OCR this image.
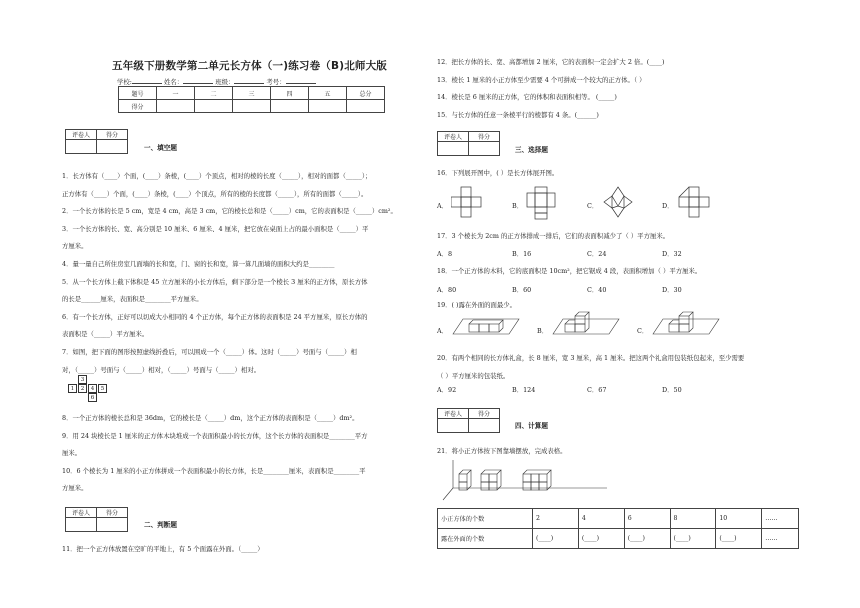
五年级下册数学第二单元长方体（一)练习卷（B)北师大版
学校:	姓名：	班级：	考号：
题号	一	二	三	四	五	总分
得分						
评卷人	得分

一、填空题
1．长方体有（____）个面，(____）条棱，(____）个顶点，相对的棱的长度（_____），相对的面都（_____）；
正方体有（____）个面，(____）条棱，(____）个顶点，所有的棱的长度都（_____），所有的面都（_____）。
2．一个长方体的长是 5 cm，宽是 4 cm，高是 3 cm，它的棱长总和是（_____）cm，它的表面积是（_____）cm²。
3．一个长方体的长、宽、高分别是 10 厘米、6 厘米、4 厘米，把它放在桌面上占的最小面积是（_____）平
方厘米。
4．量一量自己所住房室几面墙的长和宽，门、窗的长和宽，算一算几面墙的面积大约是________
5．从一个长方体上截下体积是 45 立方厘米的小长方体后，剩下部分是一个棱长 3 厘米的正方体，原长方体
的长是______厘米，表面积是________平方厘米。
6．有一个长方体，正好可以切成大小相同的 4 个正方体，每个正方体的表面积是 24 平方厘米，原长方体的
表面积是（_____）平方厘米。
7．如图，把下面的图形按照虚线折叠后，可以围成一个（_____）体。这时（_____）号面与（_____）相
对，（_____）号面与（_____）相对，（_____）号面与（_____）相对。
3
1	2	4	5
6
8．一个正方体的棱长总和是 36dm，它的棱长是（_____）dm，这个正方体的表面积是（_____）dm²。
9．用 24 块棱长是 1 厘米的正方体木块堆成一个表面积最小的长方体，这个长方体的表面积是________平方
厘米。
10．6 个棱长为 1 厘米的小正方体拼成一个表面积最小的长方体，长是________厘米，表面积是________平
方厘米。
评卷人	得分

二、判断题
11．把一个正方体放置在空旷的平地上，有 5 个面露在外面。（_____）
12．把长方体的长、宽、高都增加 2 厘米，它的表面积一定会扩大 2 倍。(____)
13．棱长 1 厘米的小正方体至少需要 4 个可拼成一个较大的正方体。（ ）
14．棱长是 6 厘米的正方体，它的体积和表面积相等。 (_____)
15．与长方体的任意一条棱平行的棱都有 4 条。(______)
评卷人	得分

三、选择题
16．下列展开图中，( ）是长方体展开图。
A．	B．	C．	D．
17．3 个棱长为 2cm 的正方体排成一排后，它们的表面积减少了（ ）平方厘米。
A．8	B．16	C．24	D．32
18．一个正方体的木料，它的底面积是 10cm²，把它锯成 4 段，表面积增加（ ）平方厘米。
A．80	B．60	C．40	D．30
19．( )露在外面的面最少。
A．	B．	C．
20．有两个相同的长方体礼盒，长 8 厘米，宽 3 厘米，高 1 厘米。把这两个礼盒用包装纸包起来，至少需要
（ ）平方厘米的包装纸。
A．92	B．124	C．67	D．50
评卷人	得分

四、计算题
21．将小正方体按下图靠墙摆放，完成表格。
小正方体的个数	2	4	6	8	10	……
露在外面的个数	(____)	(____)	(____)	(____)	(____)	……
